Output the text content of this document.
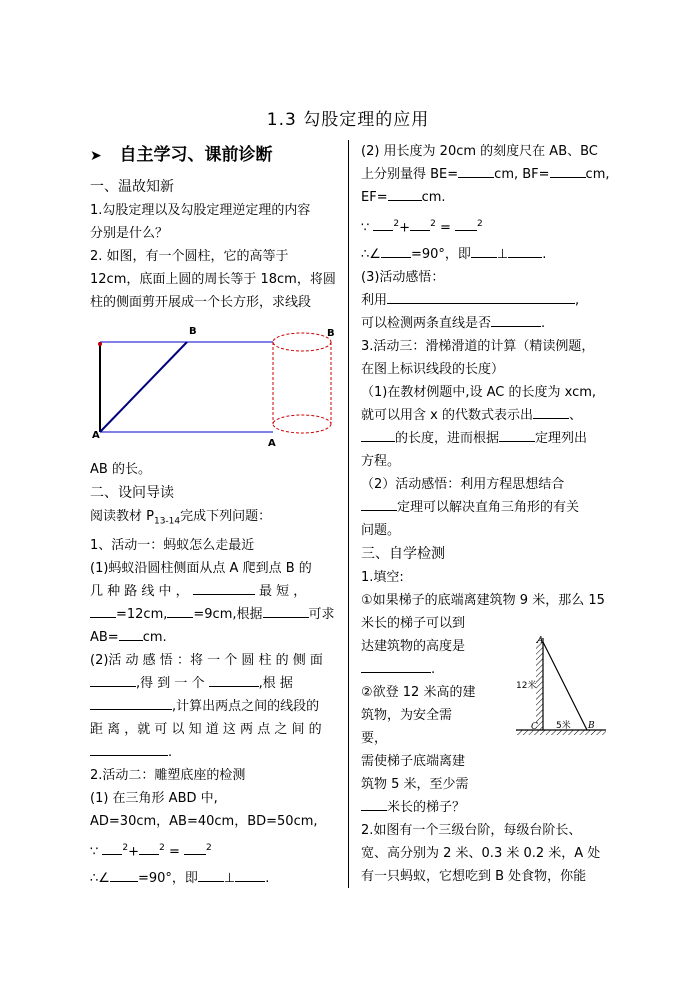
1.3 勾股定理的应用
➤ 自主学习、课前诊断
一、温故知新
1.勾股定理以及勾股定理逆定理的内容
分别是什么？
2. 如图，有一个圆柱，它的高等于
12cm，底面上圆的周长等于 18cm，将圆
柱的侧面剪开展成一个长方形，求线段
A
B
A
B
AB 的长。
二、设问导读
阅读教材 $P_{13-14}$完成下列问题：
1、活动一：蚂蚁怎么走最近
(1)蚂蚁沿圆柱侧面从点 A 爬到点 B 的
几 种 路 线 中 ，	最 短 ，
=12cm, =9cm,根据	可求
AB= cm.
(2)活 动 感 悟 ：将 一 个 圆 柱 的 侧 面
,得 到 一 个	,根 据
,计算出两点之间的线段的
距 离 ，就 可 以 知 道 这 两 点 之 间 的
.
2.活动二：雕塑底座的检测
(1) 在三角形 ABD 中,
AD=30cm，AB=40cm，BD=50cm,
∵	$^2$+ $^2$ =	$^2$
∴∠ =90°，即 ⊥ .
(2) 用长度为 20cm 的刻度尺在 AB、BC
上分别量得 BE=	cm, BF=	cm,
EF=	cm.
∵	$^2$+ $^2$ =	$^2$
∴∠ =90°，即 ⊥	.
(3)活动感悟：
利用	,
可以检测两条直线是否	.
3.活动三：滑梯滑道的计算（精读例题，
在图上标识线段的长度）
（1)在教材例题中,设 AC 的长度为 xcm,
就可以用含 x 的代数式表示出	、
的长度，进而根据	定理列出
方程。
（2）活动感悟：利用方程思想结合
定理可以解决直角三角形的有关
问题。
三、自学检测
1.填空:
①如果梯子的底端离建筑物 9 米，那么 15
米长的梯子可以到
达建筑物的高度是
.
②欲登 12 米高的建
筑物，为安全需
要，
需使梯子底端离建
筑物 5 米，至少需
米长的梯子？
A
12米
C 5米 B
2.如图有一个三级台阶，每级台阶长、
宽、高分别为 2 米、0.3 米 0.2 米，A 处
有一只蚂蚁，它想吃到 B 处食物，你能
